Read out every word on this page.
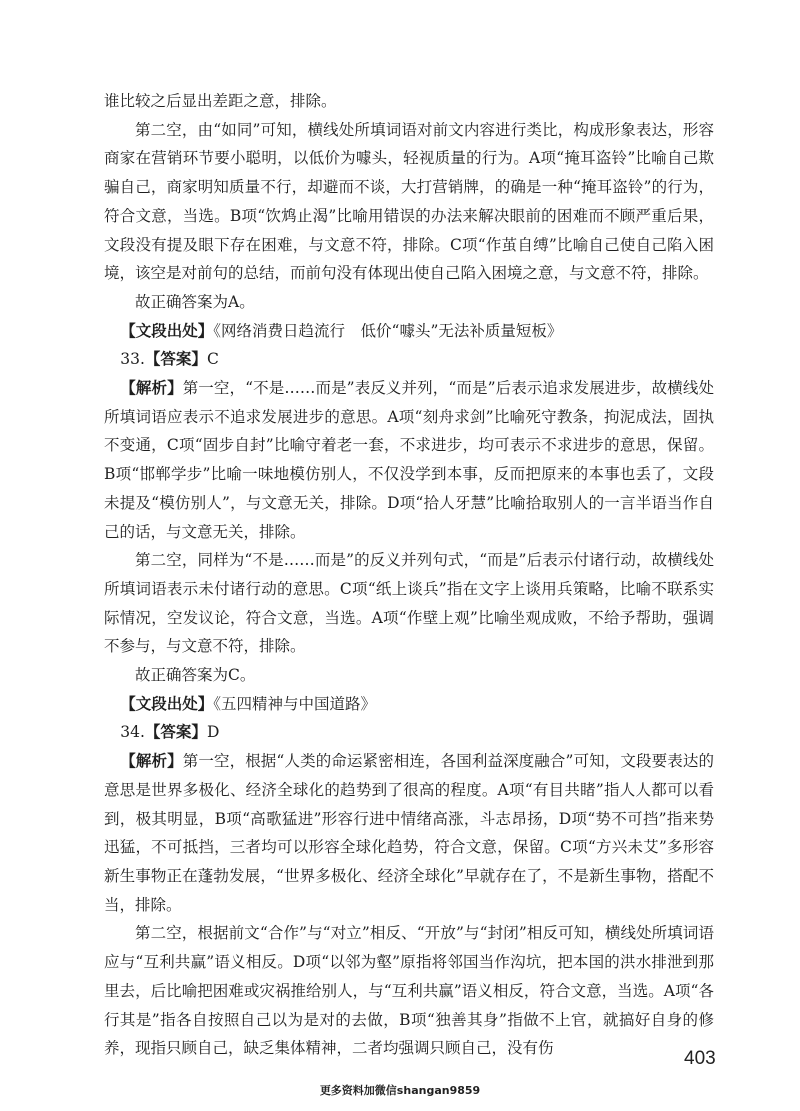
谁比较之后显出差距之意，排除。

第二空，由“如同”可知，横线处所填词语对前文内容进行类比，构成形象表达，形容商家在营销环节要小聪明，以低价为噱头，轻视质量的行为。A项“掩耳盗铃”比喻自己欺骗自己，商家明知质量不行，却避而不谈，大打营销牌，的确是一种“掩耳盗铃”的行为，符合文意，当选。B项“饮鸩止渴”比喻用错误的办法来解决眼前的困难而不顾严重后果，文段没有提及眼下存在困难，与文意不符，排除。C项“作茧自缚”比喻自己使自己陷入困境，该空是对前句的总结，而前句没有体现出使自己陷入困境之意，与文意不符，排除。

故正确答案为A。

【文段出处】《网络消费日趋流行　低价“噱头”无法补质量短板》

33.【答案】C

【解析】第一空，“不是……而是”表反义并列，“而是”后表示追求发展进步，故横线处所填词语应表示不追求发展进步的意思。A项“刻舟求剑”比喻死守教条，拘泥成法，固执不变通，C项“固步自封”比喻守着老一套，不求进步，均可表示不求进步的意思，保留。B项“邯郸学步”比喻一味地模仿别人，不仅没学到本事，反而把原来的本事也丢了，文段未提及“模仿别人”，与文意无关，排除。D项“拾人牙慧”比喻拾取别人的一言半语当作自己的话，与文意无关，排除。

第二空，同样为“不是……而是”的反义并列句式，“而是”后表示付诸行动，故横线处所填词语表示未付诸行动的意思。C项“纸上谈兵”指在文字上谈用兵策略，比喻不联系实际情况，空发议论，符合文意，当选。A项“作壁上观”比喻坐观成败，不给予帮助，强调不参与，与文意不符，排除。

故正确答案为C。

【文段出处】《五四精神与中国道路》

34.【答案】D

【解析】第一空，根据“人类的命运紧密相连，各国利益深度融合”可知，文段要表达的意思是世界多极化、经济全球化的趋势到了很高的程度。A项“有目共睹”指人人都可以看到，极其明显，B项“高歌猛进”形容行进中情绪高涨，斗志昂扬，D项“势不可挡”指来势迅猛，不可抵挡，三者均可以形容全球化趋势，符合文意，保留。C项“方兴未艾”多形容新生事物正在蓬勃发展，“世界多极化、经济全球化”早就存在了，不是新生事物，搭配不当，排除。

第二空，根据前文“合作”与“对立”相反、“开放”与“封闭”相反可知，横线处所填词语应与“互利共赢”语义相反。D项“以邻为壑”原指将邻国当作沟坑，把本国的洪水排泄到那里去，后比喻把困难或灾祸推给别人，与“互利共赢”语义相反，符合文意，当选。A项“各行其是”指各自按照自己以为是对的去做，B项“独善其身”指做不上官，就搞好自身的修养，现指只顾自己，缺乏集体精神，二者均强调只顾自己，没有伤	403
更多资料加微信shangan9859
